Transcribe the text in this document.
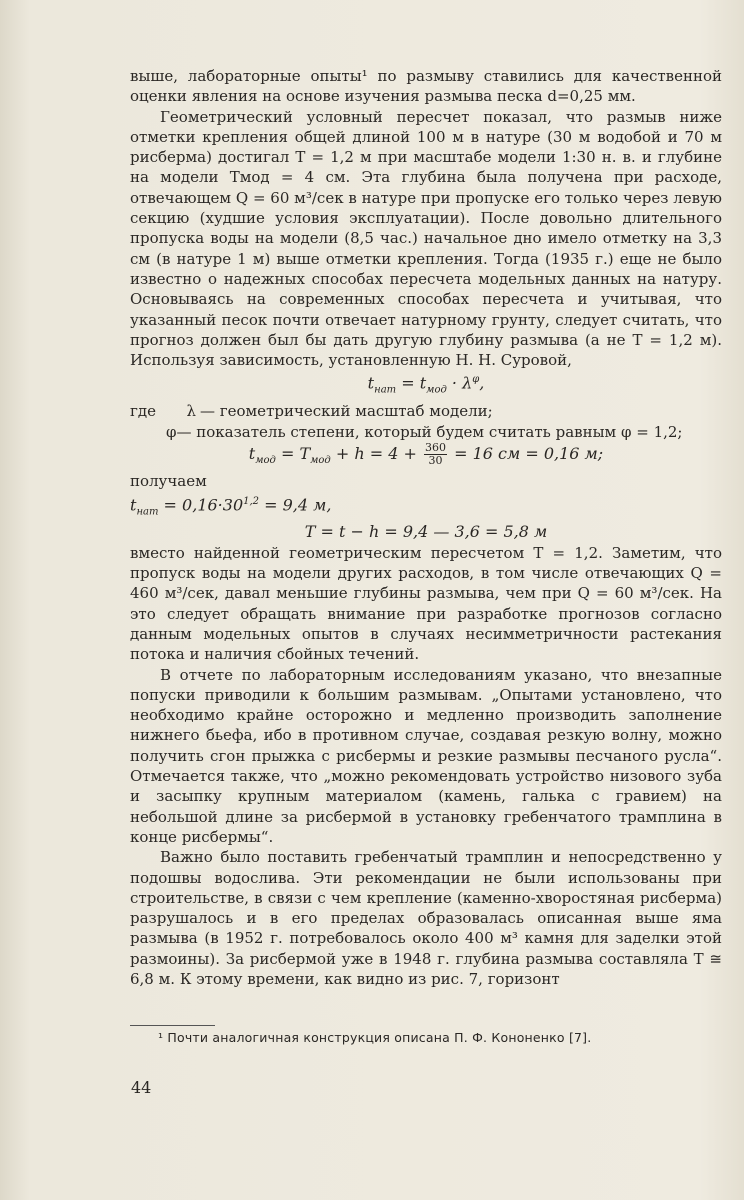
выше, лабораторные опыты¹ по размыву ставились для качественной оценки явления на основе изучения размыва песка d=0,25 мм.

Геометрический условный пересчет показал, что размыв ниже отметки крепления общей длиной 100 м в натуре (30 м водобой и 70 м рисберма) достигал T = 1,2 м при масштабе модели 1:30 н. в. и глубине на модели Tмод = 4 см. Эта глубина была получена при расходе, отвечающем Q = 60 м³/сек в натуре при пропуске его только через левую секцию (худшие условия эксплуатации). После довольно длительного пропуска воды на модели (8,5 час.) начальное дно имело отметку на 3,3 см (в натуре 1 м) выше отметки крепления. Тогда (1935 г.) еще не было известно о надежных способах пересчета модельных данных на натуру. Основываясь на современных способах пересчета и учитывая, что указанный песок почти отвечает натурному грунту, следует считать, что прогноз должен был бы дать другую глубину размыва (а не T = 1,2 м). Используя зависимость, установленную Н. Н. Суровой,

$t_{нат} = t_{мод} \cdot \lambda^\varphi$,

где λ — геометрический масштаб модели;

φ— показатель степени, который будем считать равным φ = 1,2;

$t_{мод} = T_{мод} + h = 4 + \frac{360}{30} = 16$ см = 0,16 м;

получаем

$t_{нат} = 0,16\cdot 30^{1,2} = 9,4$ м,

T = t − h = 9,4 — 3,6 = 5,8 м

вместо найденной геометрическим пересчетом T = 1,2. Заметим, что пропуск воды на модели других расходов, в том числе отвечающих Q = 460 м³/сек, давал меньшие глубины размыва, чем при Q = 60 м³/сек. На это следует обращать внимание при разработке прогнозов согласно данным модельных опытов в случаях несимметричности растекания потока и наличия сбойных течений.

В отчете по лабораторным исследованиям указано, что внезапные попуски приводили к большим размывам. „Опытами установлено, что необходимо крайне осторожно и медленно производить заполнение нижнего бьефа, ибо в противном случае, создавая резкую волну, можно получить сгон прыжка с рисбермы и резкие размывы песчаного русла“. Отмечается также, что „можно рекомендовать устройство низового зуба и засыпку крупным материалом (камень, галька с гравием) на небольшой длине за рисбермой в установку гребенчатого трамплина в конце рисбермы“.

Важно было поставить гребенчатый трамплин и непосредственно у подошвы водослива. Эти рекомендации не были использованы при строительстве, в связи с чем крепление (каменно-хворостяная рисберма) разрушалось и в его пределах образовалась описанная выше яма размыва (в 1952 г. потребовалось около 400 м³ камня для заделки этой размоины). За рисбермой уже в 1948 г. глубина размыва составляла T ≅ 6,8 м. К этому времени, как видно из рис. 7, горизонт

¹ Почти аналогичная конструкция описана П. Ф. Кононенко [7].
44
